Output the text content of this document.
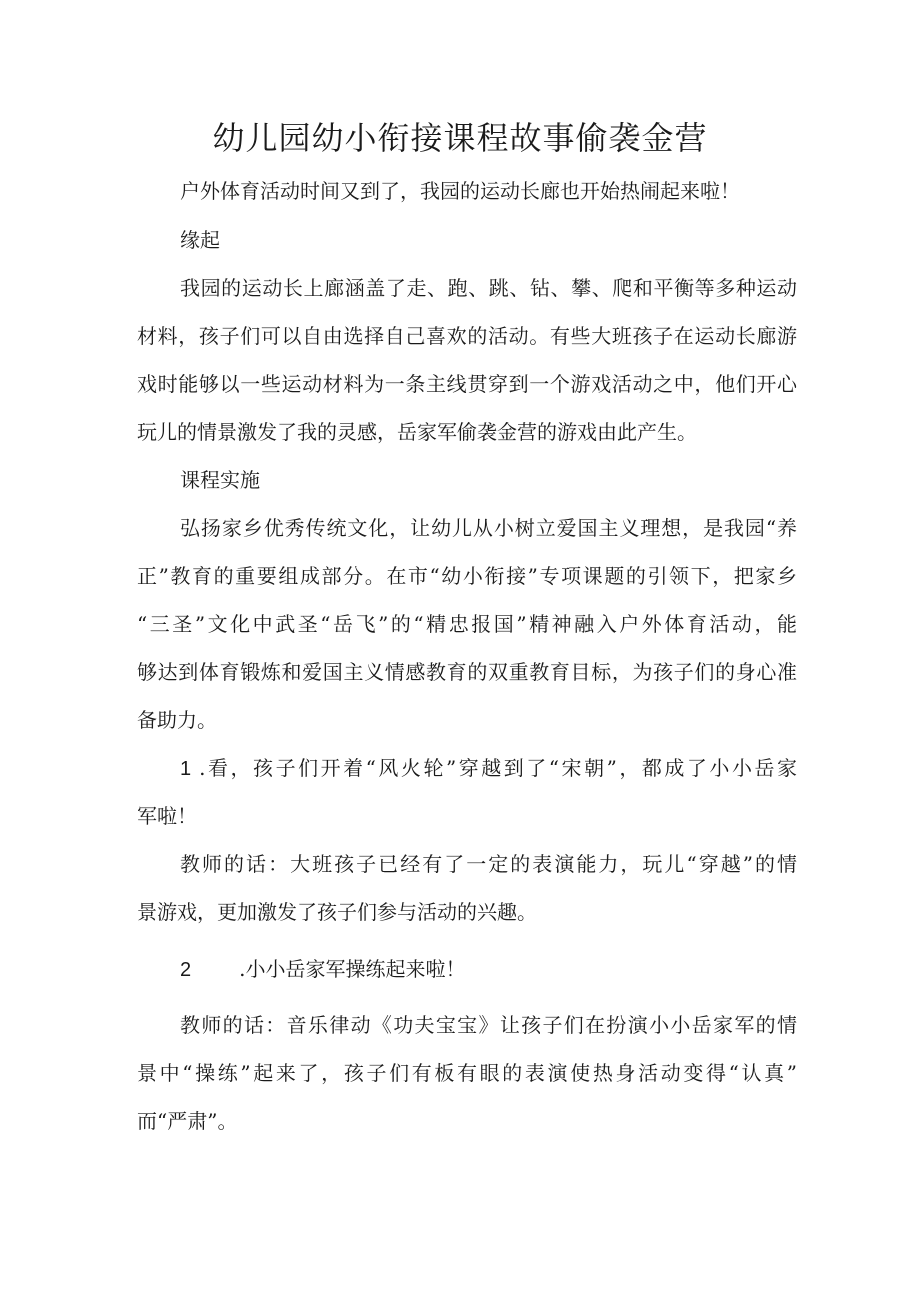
幼儿园幼小衔接课程故事偷袭金营
户外体育活动时间又到了，我园的运动长廊也开始热闹起来啦！
缘起
我园的运动长上廊涵盖了走、跑、跳、钻、攀、爬和平衡等多种运动
材料，孩子们可以自由选择自己喜欢的活动。有些大班孩子在运动长廊游
戏时能够以一些运动材料为一条主线贯穿到一个游戏活动之中，他们开心
玩儿的情景激发了我的灵感，岳家军偷袭金营的游戏由此产生。
课程实施
弘扬家乡优秀传统文化，让幼儿从小树立爱国主义理想，是我园“养
正”教育的重要组成部分。在市“幼小衔接”专项课题的引领下，把家乡
“三圣”文化中武圣“岳飞”的“精忠报国”精神融入户外体育活动，能
够达到体育锻炼和爱国主义情感教育的双重教育目标，为孩子们的身心准
备助力。
1 .看，孩子们开着“风火轮”穿越到了“宋朝”，都成了小小岳家
军啦！
教师的话：大班孩子已经有了一定的表演能力，玩儿“穿越”的情
景游戏，更加激发了孩子们参与活动的兴趣。
2 .小小岳家军操练起来啦！
教师的话：音乐律动《功夫宝宝》让孩子们在扮演小小岳家军的情
景中“操练”起来了，孩子们有板有眼的表演使热身活动变得“认真”
而“严肃”。
